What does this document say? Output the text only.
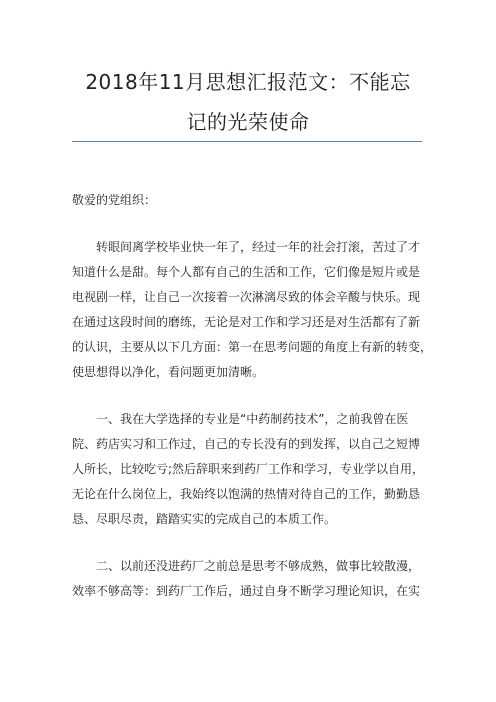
2018年11月思想汇报范文：不能忘
记的光荣使命
敬爱的党组织：
转眼间离学校毕业快一年了，经过一年的社会打滚，苦过了才
知道什么是甜。每个人都有自己的生活和工作，它们像是短片或是
电视剧一样，让自己一次接着一次淋漓尽致的体会辛酸与快乐。现
在通过这段时间的磨练，无论是对工作和学习还是对生活都有了新
的认识，主要从以下几方面：第一在思考问题的角度上有新的转变，
使思想得以净化，看问题更加清晰。
一、我在大学选择的专业是“中药制药技术”，之前我曾在医
院、药店实习和工作过，自己的专长没有的到发挥，以自己之短博
人所长，比较吃亏;然后辞职来到药厂工作和学习，专业学以自用，
无论在什么岗位上，我始终以饱满的热情对待自己的工作，勤勤恳
恳、尽职尽责，踏踏实实的完成自己的本质工作。
二、以前还没进药厂之前总是思考不够成熟，做事比较散漫，
效率不够高等：到药厂工作后，通过自身不断学习理论知识，在实
